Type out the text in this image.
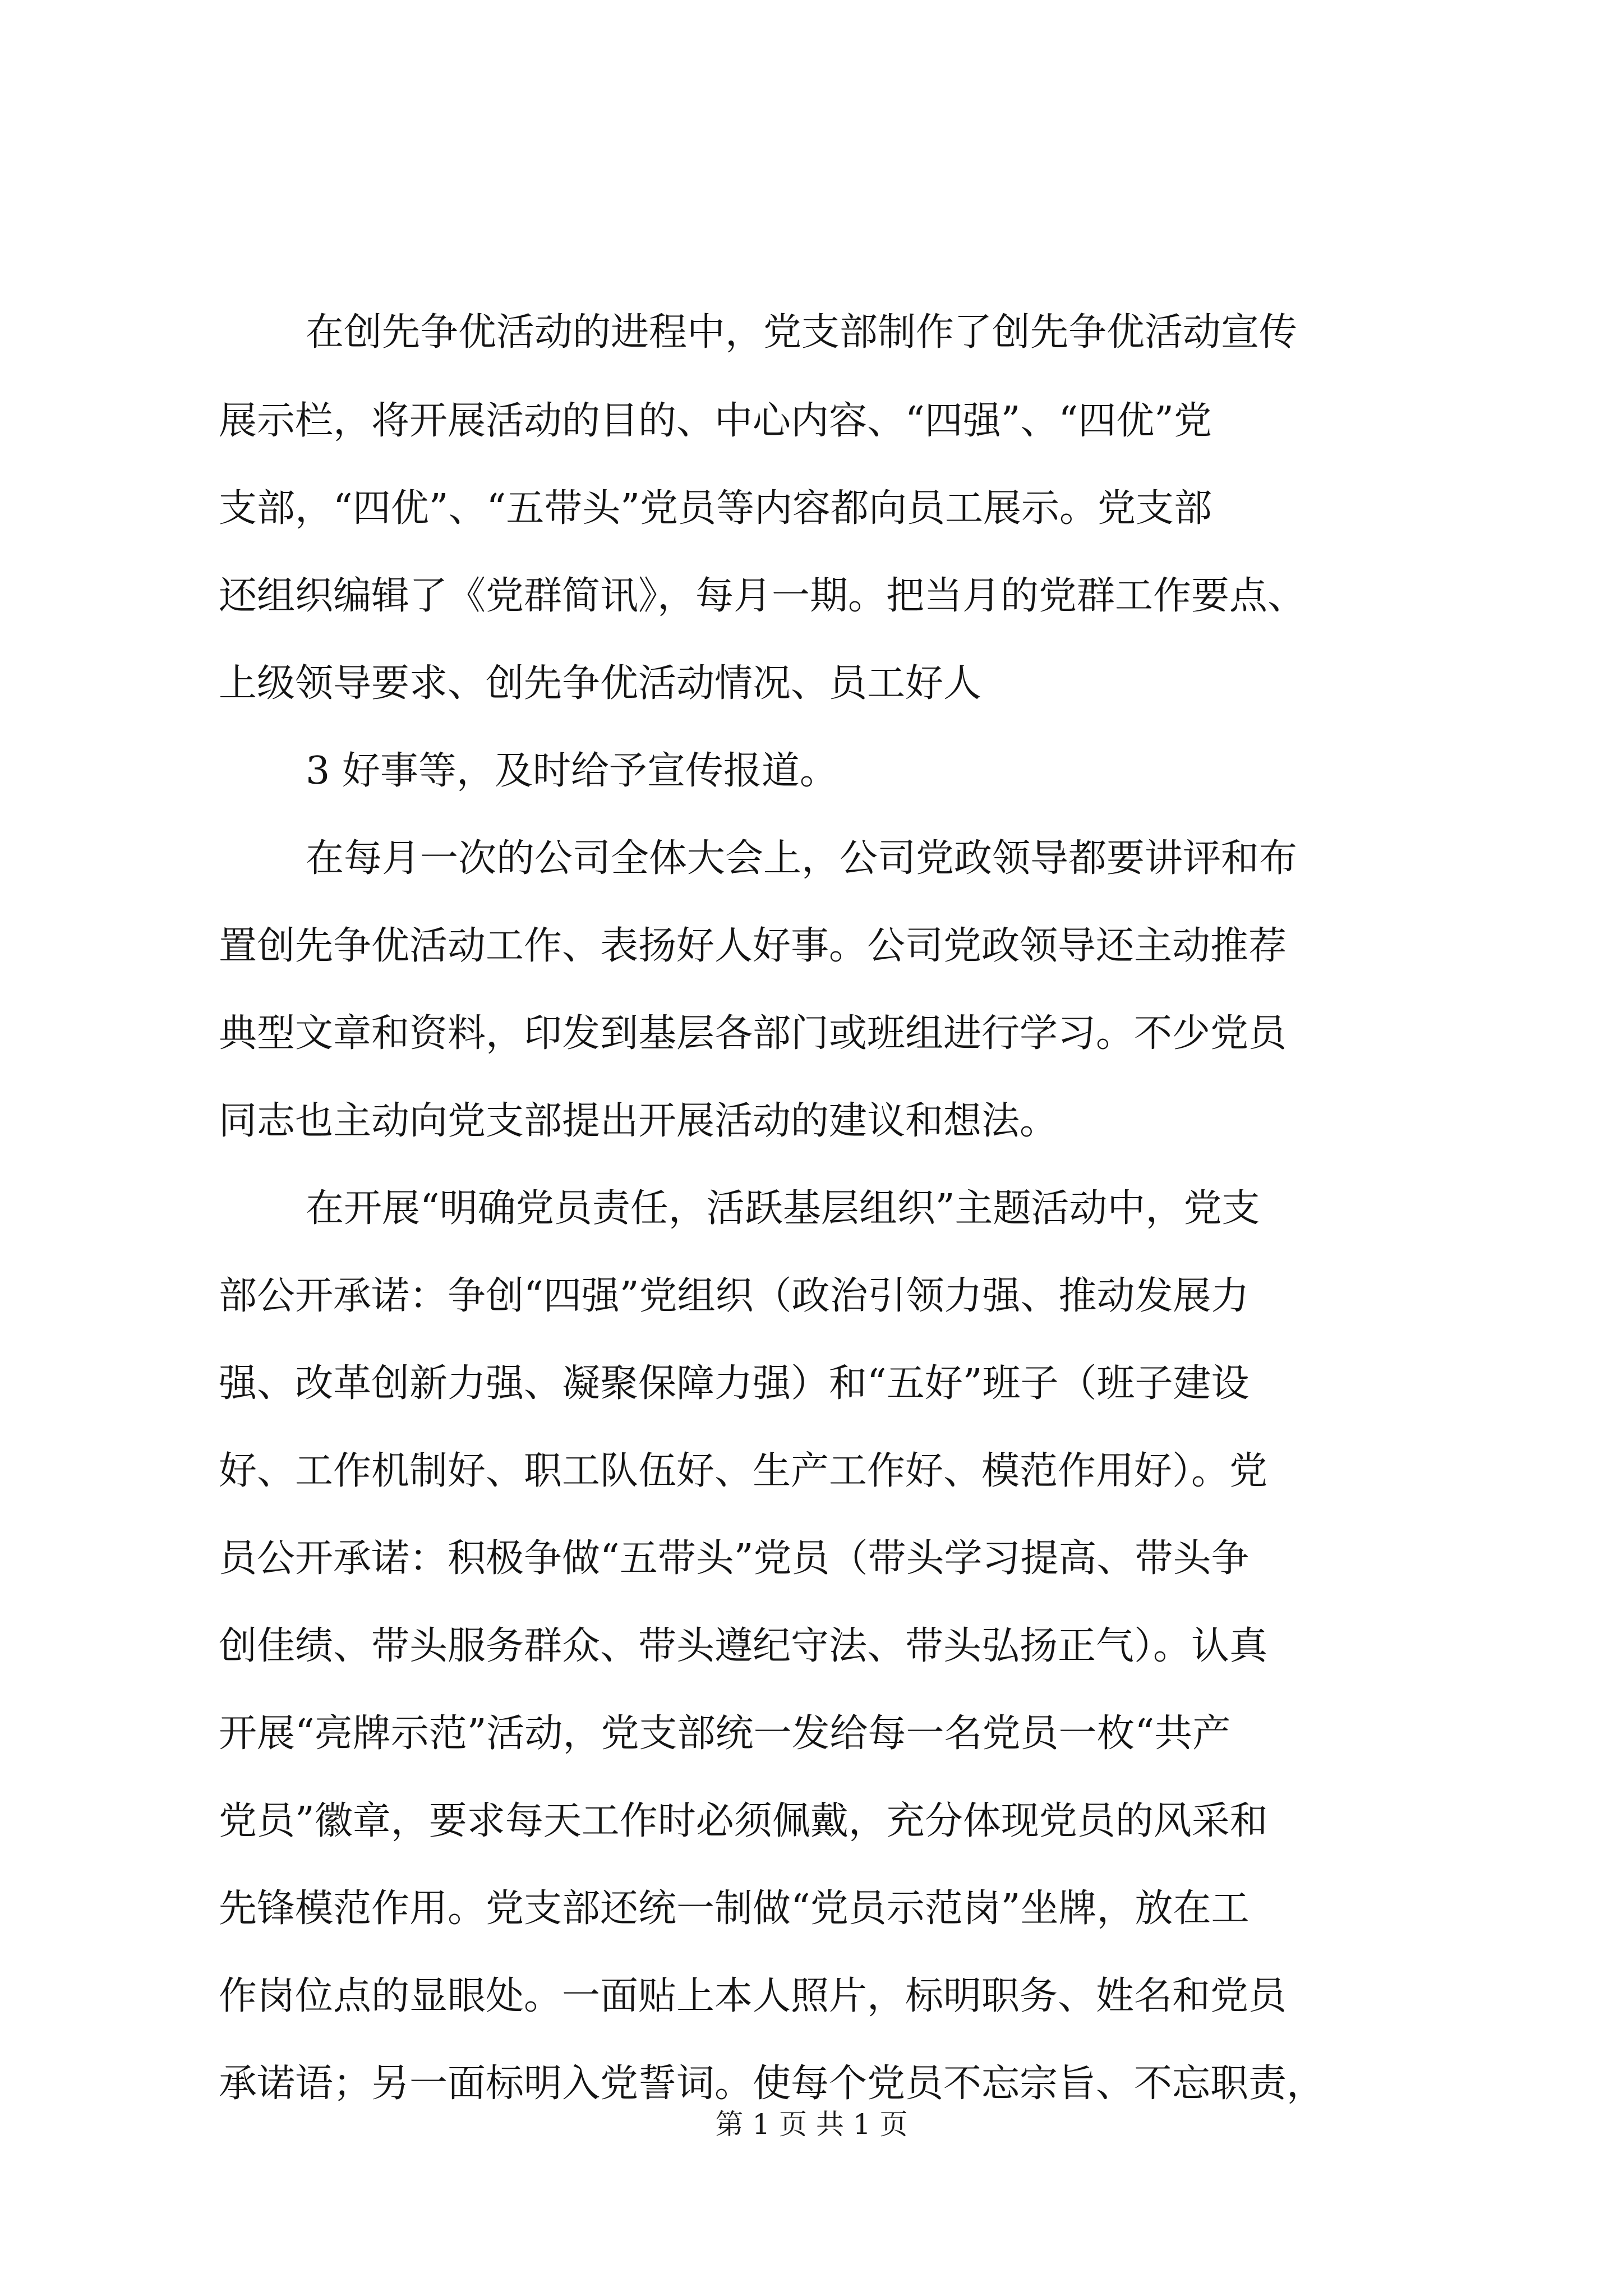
在创先争优活动的进程中，党支部制作了创先争优活动宣传
展示栏，将开展活动的目的、中心内容、“四强”、“四优”党
支部，“四优”、“五带头”党员等内容都向员工展示。党支部
还组织编辑了《党群简讯》，每月一期。把当月的党群工作要点、
上级领导要求、创先争优活动情况、员工好人
3 好事等，及时给予宣传报道。
在每月一次的公司全体大会上，公司党政领导都要讲评和布
置创先争优活动工作、表扬好人好事。公司党政领导还主动推荐
典型文章和资料，印发到基层各部门或班组进行学习。不少党员
同志也主动向党支部提出开展活动的建议和想法。
在开展“明确党员责任，活跃基层组织”主题活动中，党支
部公开承诺：争创“四强”党组织（政治引领力强、推动发展力
强、改革创新力强、凝聚保障力强）和“五好”班子（班子建设
好、工作机制好、职工队伍好、生产工作好、模范作用好）。党
员公开承诺：积极争做“五带头”党员（带头学习提高、带头争
创佳绩、带头服务群众、带头遵纪守法、带头弘扬正气）。认真
开展“亮牌示范”活动，党支部统一发给每一名党员一枚“共产
党员”徽章，要求每天工作时必须佩戴，充分体现党员的风采和
先锋模范作用。党支部还统一制做“党员示范岗”坐牌，放在工
作岗位点的显眼处。一面贴上本人照片，标明职务、姓名和党员
承诺语；另一面标明入党誓词。使每个党员不忘宗旨、不忘职责，
第 1 页 共 1 页
